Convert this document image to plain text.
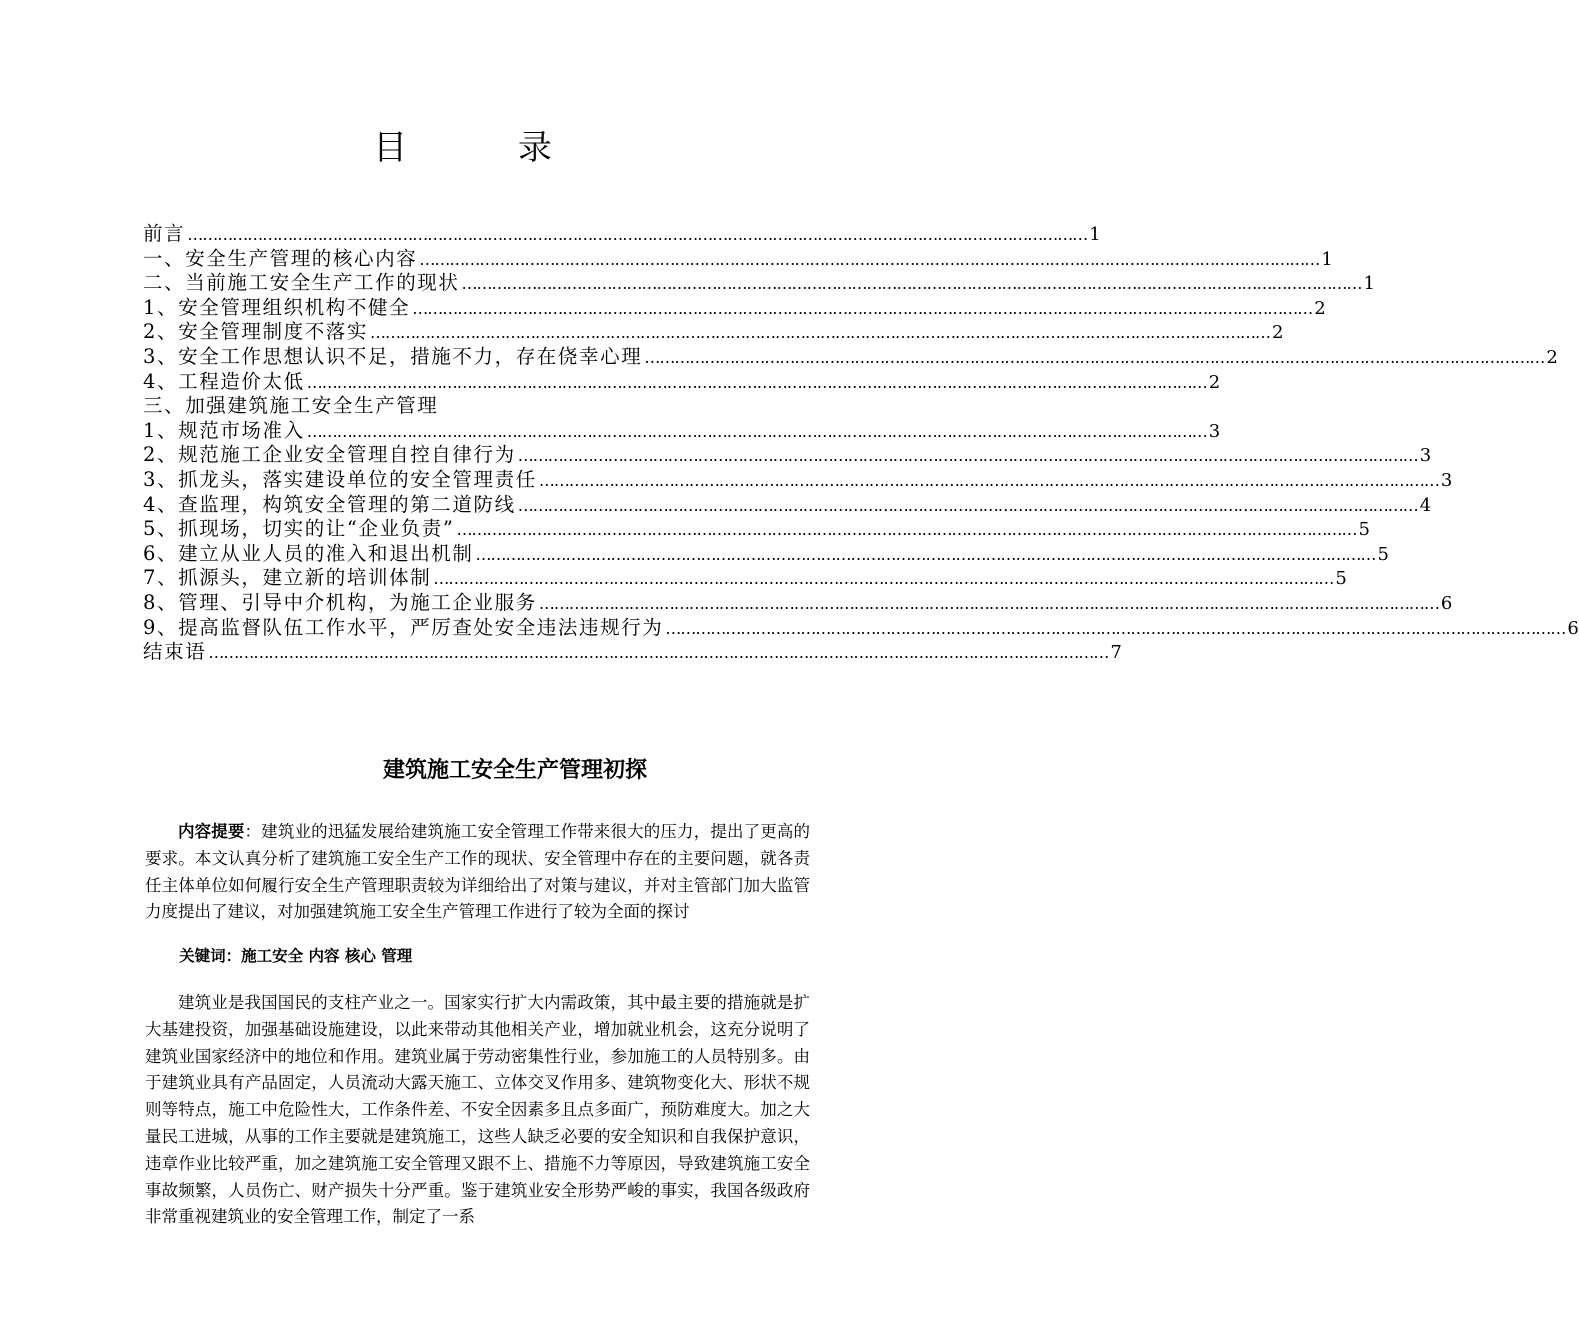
目 录
前言 ……………………………………………………………………………………………………………………………………………………………… 1
一、安全生产管理的核心内容 ……………………………………………………………………………………………………………………………………………………………… 1
二、当前施工安全生产工作的现状 ……………………………………………………………………………………………………………………………………………………………… 1
1、安全管理组织机构不健全 ……………………………………………………………………………………………………………………………………………………………… 2
2、安全管理制度不落实 ……………………………………………………………………………………………………………………………………………………………… 2
3、安全工作思想认识不足，措施不力，存在侥幸心理 ……………………………………………………………………………………………………………………………………………………………… 2
4、工程造价太低 ……………………………………………………………………………………………………………………………………………………………… 2
三、加强建筑施工安全生产管理
1、规范市场准入 ……………………………………………………………………………………………………………………………………………………………… 3
2、规范施工企业安全管理自控自律行为 ……………………………………………………………………………………………………………………………………………………………… 3
3、抓龙头，落实建设单位的安全管理责任 ……………………………………………………………………………………………………………………………………………………………… 3
4、查监理，构筑安全管理的第二道防线 ……………………………………………………………………………………………………………………………………………………………… 4
5、抓现场，切实的让“企业负责” ……………………………………………………………………………………………………………………………………………………………… 5
6、建立从业人员的准入和退出机制 ……………………………………………………………………………………………………………………………………………………………… 5
7、抓源头，建立新的培训体制 ……………………………………………………………………………………………………………………………………………………………… 5
8、管理、引导中介机构，为施工企业服务 ……………………………………………………………………………………………………………………………………………………………… 6
9、提高监督队伍工作水平，严厉查处安全违法违规行为 ……………………………………………………………………………………………………………………………………………………………… 6
结束语 ……………………………………………………………………………………………………………………………………………………………… 7
建筑施工安全生产管理初探

内容提要：建筑业的迅猛发展给建筑施工安全管理工作带来很大的压力，提出了更高的要求。本文认真分析了建筑施工安全生产工作的现状、安全管理中存在的主要问题，就各责任主体单位如何履行安全生产管理职责较为详细给出了对策与建议，并对主管部门加大监管力度提出了建议，对加强建筑施工安全生产管理工作进行了较为全面的探讨

关键词：施工安全 内容 核心 管理

建筑业是我国国民的支柱产业之一。国家实行扩大内需政策，其中最主要的措施就是扩大基建投资，加强基础设施建设，以此来带动其他相关产业，增加就业机会，这充分说明了建筑业国家经济中的地位和作用。建筑业属于劳动密集性行业，参加施工的人员特别多。由于建筑业具有产品固定，人员流动大露天施工、立体交叉作用多、建筑物变化大、形状不规则等特点，施工中危险性大，工作条件差、不安全因素多且点多面广，预防难度大。加之大量民工进城，从事的工作主要就是建筑施工，这些人缺乏必要的安全知识和自我保护意识，违章作业比较严重，加之建筑施工安全管理又跟不上、措施不力等原因，导致建筑施工安全事故频繁，人员伤亡、财产损失十分严重。鉴于建筑业安全形势严峻的事实，我国各级政府非常重视建筑业的安全管理工作，制定了一系
